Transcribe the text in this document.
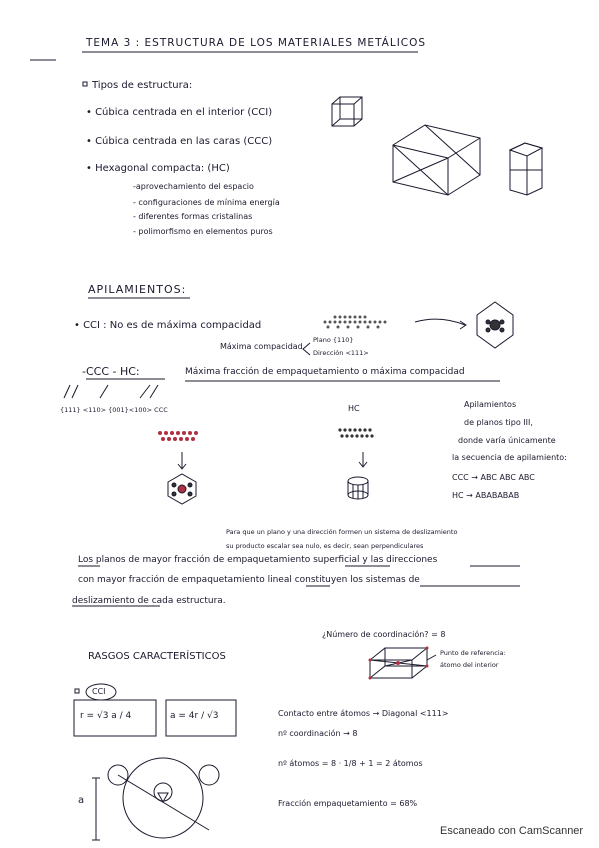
TEMA 3 : ESTRUCTURA DE LOS MATERIALES METÁLICOS
Tipos de estructura:
• Cúbica centrada en el interior (CCI)
• Cúbica centrada en las caras (CCC)
• Hexagonal compacta: (HC)
-aprovechamiento del espacio
- configuraciones de mínima energía
- diferentes formas cristalinas
- polimorfismo en elementos puros
APILAMIENTOS:
• CCI : No es de máxima compacidad
Máxima compacidad
Plano {110}
Dirección <111>
-CCC - HC:	Máxima fracción de empaquetamiento o máxima compacidad
{111} <110> {001}<100> CCC	HC	Apilamientos
de planos tipo III,
donde varía únicamente
la secuencia de apilamiento:
CCC → ABC ABC ABC
HC → ABABABAB
Para que un plano y una dirección formen un sistema de deslizamiento
su producto escalar sea nulo, es decir, sean perpendiculares
Los planos de mayor fracción de empaquetamiento superficial y las direcciones
con mayor fracción de empaquetamiento lineal constituyen los sistemas de
deslizamiento de cada estructura.
RASGOS CARACTERÍSTICOS
¿Número de coordinación? = 8
Punto de referencia:
átomo del interior
CCI
r = √3 a / 4	a = 4r / √3	Contacto entre átomos → Diagonal <111>
nº coordinación → 8
nº átomos = 8 · 1/8 + 1 = 2 átomos
Fracción empaquetamiento = 68%
a
Escaneado con CamScanner
